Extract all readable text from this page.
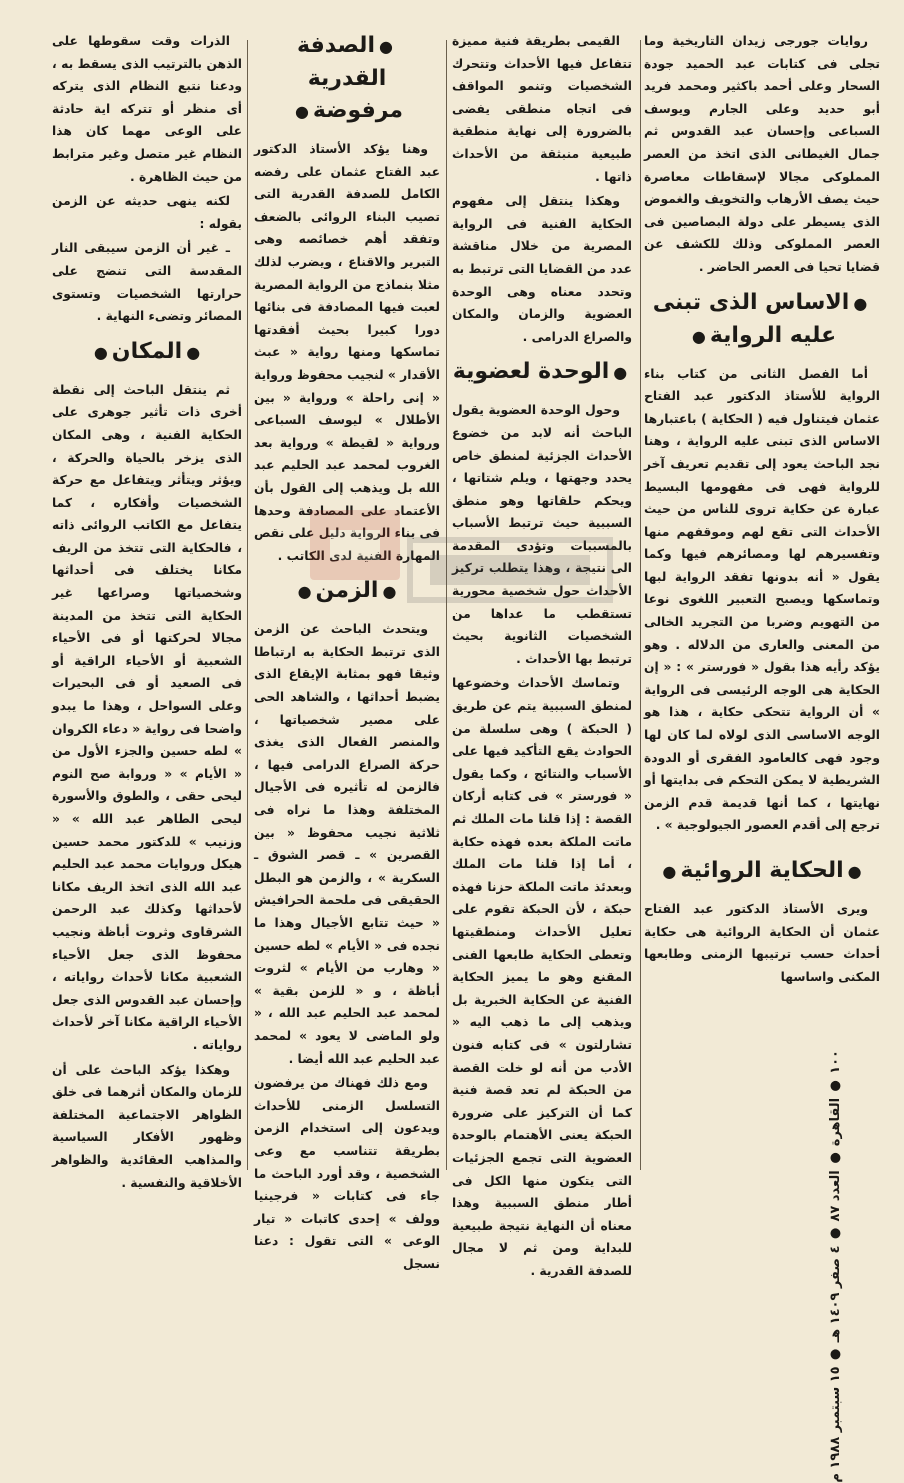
١٠٠ ● القاهرة ● العدد ٨٧ ● ٤ صفر ١٤٠٩ هـ ● ١٥ سبتمبر ١٩٨٨ م

روايات جورجى زيدان التاريخية وما تجلى فى كتابات عبد الحميد جودة السحار وعلى أحمد باكثير ومحمد فريد أبو حديد وعلى الجارم ويوسف السباعى وإحسان عبد القدوس ثم جمال الغيطانى الذى اتخذ من العصر المملوكى مجالا لإسقاطات معاصرة حيث يصف الأرهاب والتخويف والغموض الذى يسيطر على دولة البصاصين فى العصر المملوكى وذلك للكشف عن قضايا تحيا فى العصر الحاضر .

●الاساس الذى تبنى عليه الرواية●

أما الفصل الثانى من كتاب بناء الرواية للأستاذ الدكتور عبد الفتاح عثمان فيتناول فيه ( الحكاية ) باعتبارها الاساس الذى تبنى عليه الرواية ، وهنا نجد الباحث يعود إلى تقديم تعريف آخر للرواية فهى فى مفهومها البسيط عبارة عن حكاية تروى للناس من حيث الأحداث التى تقع لهم وموقفهم منها وتفسيرهم لها ومصائرهم فيها وكما يقول « أنه بدونها تفقد الرواية لبها وتماسكها ويصبح التعبير اللغوى نوعا من التهويم وضربا من التجريد الخالى من المعنى والعارى من الدلاله . وهو يؤكد رأيه هذا بقول « فورستر » : « إن الحكاية هى الوجه الرئيسى فى الرواية » أن الرواية تتحكى حكاية ، هذا هو الوجه الاساسى الذى لولاه لما كان لها وجود فهى كالعامود الفقرى أو الدودة الشريطية لا يمكن التحكم فى بدايتها أو نهايتها ، كما أنها قديمة قدم الزمن ترجع إلى أقدم العصور الجيولوجية » .

●الحكاية الروائية●

ويرى الأستاذ الدكتور عبد الفتاح عثمان أن الحكاية الروائية هى حكاية أحداث حسب ترتيبها الزمنى وطابعها المكنى واساسها

القيمى بطريقة فنية مميزة تتفاعل فيها الأحداث وتتحرك الشخصيات وتنمو المواقف فى اتجاه منطقى يفضى بالضرورة إلى نهاية منطقية طبيعية منبثقة من الأحداث ذاتها .

وهكذا ينتقل إلى مفهوم الحكاية الفنية فى الرواية المصرية من خلال مناقشة عدد من القضايا التى ترتبط به وتحدد معناه وهى الوحدة العضوية والزمان والمكان والصراع الدرامى .

●الوحدة لعضوية

وحول الوحدة العضوية يقول الباحث أنه لابد من خضوع الأحداث الجزئية لمنطق خاص يحدد وجهتها ، ويلم شتاتها ، ويحكم حلقاتها وهو منطق السببية حيث ترتبط الأسباب بالمسببات وتؤدى المقدمة الى نتيجة ، وهذا يتطلب تركيز الأحداث حول شخصية محورية تستقطب ما عداها من الشخصيات الثانوية بحيث ترتبط بها الأحداث .

وتماسك الأحداث وخضوعها لمنطق السببية يتم عن طريق ( الحبكة ) وهى سلسلة من الحوادث يقع التأكيد فيها على الأسباب والنتائج ، وكما يقول « فورستر » فى كتابه أركان القصة : إذا قلنا مات الملك ثم ماتت الملكة بعده فهذه حكاية ، أما إذا قلنا مات الملك وبعدئذ ماتت الملكة حزنا فهذه حبكة ، لأن الحبكة تقوم على تعليل الأحداث ومنطقيتها وتعطى الحكاية طابعها الفنى المقنع وهو ما يميز الحكاية الفنية عن الحكاية الخبرية بل ويذهب إلى ما ذهب اليه « تشارلتون » فى كتابه فنون الأدب من أنه لو خلت القصة من الحبكة لم تعد قصة فنية كما أن التركيز على ضرورة الحبكة يعنى الأهتمام بالوحدة العضوية التى تجمع الجزئيات التى يتكون منها الكل فى أطار منطق السببية وهذا معناه أن النهاية نتيجة طبيعية للبداية ومن ثم لا مجال للصدفة القدرية .

●الصدفة القدرية مرفوضة●

وهنا يؤكد الأستاذ الدكتور عبد الفتاح عثمان على رفضه الكامل للصدفة القدرية التى تصيب البناء الروائى بالضعف وتفقد أهم خصائصه وهى التبرير والاقناع ، ويضرب لذلك مثلا بنماذج من الرواية المصرية لعبت فيها المصادفة فى بنائها دورا كبيرا بحيث أفقدتها تماسكها ومنها رواية « عبث الأقدار » لنجيب محفوظ ورواية « إنى راحلة » ورواية « بين الأطلال » ليوسف السباعى ورواية « لقيطة » ورواية بعد الغروب لمحمد عبد الحليم عبد الله بل ويذهب إلى القول بأن الأعتماد على المصادفة وحدها فى بناء الرواية دليل على نقص المهارة الفنية لدى الكاتب .

●الزمن●

ويتحدث الباحث عن الزمن الذى ترتبط الحكاية به ارتباطا وثيقا فهو بمثابة الإيقاع الذى يضبط أحداثها ، والشاهد الحى على مصير شخصياتها ، والمنصر الفعال الذى يغذى حركة الصراع الدرامى فيها ، فالزمن له تأثيره فى الأجيال المختلفة وهذا ما نراه فى ثلاثية نجيب محفوظ « بين القصرين » ـ قصر الشوق ـ السكرية » ، والزمن هو البطل الحقيقى فى ملحمة الحرافيش « حيث تتابع الأجيال وهذا ما نجده فى « الأيام » لطه حسين « وهارب من الأيام » لثروت أباظة ، و « للزمن بقية » لمحمد عبد الحليم عبد الله ، « ولو الماضى لا يعود » لمحمد عبد الحليم عبد الله أيضا .

ومع ذلك فهناك من يرفضون التسلسل الزمنى للأحداث ويدعون إلى استخدام الزمن بطريقة تتناسب مع وعى الشخصية ، وقد أورد الباحث ما جاء فى كتابات « فرجينيا وولف » إحدى كاتبات « تيار الوعى » التى تقول : دعنا نسجل

الذرات وقت سقوطها على الذهن بالترتيب الذى يسقط به ، ودعنا نتبع النظام الذى يتركه أى منظر أو تتركه اية حادثة على الوعى مهما كان هذا النظام غير متصل وغير مترابط من حيث الظاهرة .

لكنه ينهى حديثه عن الزمن بقوله :

ـ غير أن الزمن سيبقى النار المقدسة التى تنضج على حرارتها الشخصيات وتستوى المصائر وتضىء النهاية .

●المكان●

ثم ينتقل الباحث إلى نقطة أخرى ذات تأثير جوهرى على الحكاية الفنية ، وهى المكان الذى يزخر بالحياة والحركة ، ويؤثر ويتأثر ويتفاعل مع حركة الشخصيات وأفكاره ، كما يتفاعل مع الكاتب الروائى ذاته ، فالحكاية التى تتخذ من الريف مكانا يختلف فى أحداثها وشخصياتها وصراعها غير الحكاية التى تتخذ من المدينة مجالا لحركتها أو فى الأحياء الشعبية أو الأحياء الراقية أو فى الصعيد أو فى البحيرات وعلى السواحل ، وهذا ما يبدو واضحا فى رواية « دعاء الكروان » لطه حسين والجزء الأول من « الأيام » « وروابة صح النوم ليحى حقى ، والطوق والأسورة ليحى الطاهر عبد الله » « وزنيب » للدكتور محمد حسين هيكل وروايات محمد عبد الحليم عبد الله الذى اتخذ الريف مكانا لأحداثها وكذلك عبد الرحمن الشرقاوى وثروت أباظة ونجيب محفوظ الذى جعل الأحياء الشعبية مكانا لأحداث رواياته ، وإحسان عبد القدوس الذى جعل الأحياء الراقية مكانا آخر لأحداث رواياته .

وهكذا يؤكد الباحث على أن للزمان والمكان أثرهما فى خلق الظواهر الاجتماعية المختلفة وظهور الأفكار السياسية والمذاهب العقائدية والظواهر الأخلاقية والنفسية .
